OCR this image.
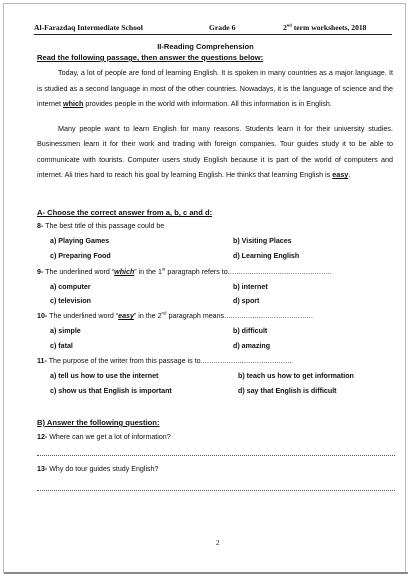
Al-Farazdaq Intermediate School	Grade 6	2nd term worksheets, 2018
II-Reading Comprehension
Read the following passage, then answer the questions below:

Today, a lot of people are fond of learning English. It is spoken in many countries as a major language. It is studied as a second language in most of the other countries. Nowadays, it is the language of science and the internet which provides people in the world with information. All this information is in English.

Many people want to learn English for many reasons. Students learn it for their university studies. Businessmen learn it for their work and trading with foreign companies. Tour guides study it to be able to communicate with tourists. Computer users study English because it is part of the world of computers and internet. Ali tries hard to reach his goal by learning English. He thinks that learning English is easy.

A- Choose the correct answer from a, b, c and d:
8- The best title of this passage could be
a) Playing Games	b) Visiting Places
c) Preparing Food	d) Learning English
9- The underlined word “which” in the 1st paragraph refers to................................................
a) computer	b) internet
c) television	d) sport
10- The underlined word “easy” in the 2nd paragraph means.........................................
a) simple	b) difficult
c) fatal	d) amazing
11- The purpose of the writer from this passage is to..........................................
a) tell us how to use the internet	b) teach us how to get information
c) show us that English is important	d) say that English is difficult
B) Answer the following question:
12- Where can we get a lot of information?
13- Why do tour guides study English?
2
